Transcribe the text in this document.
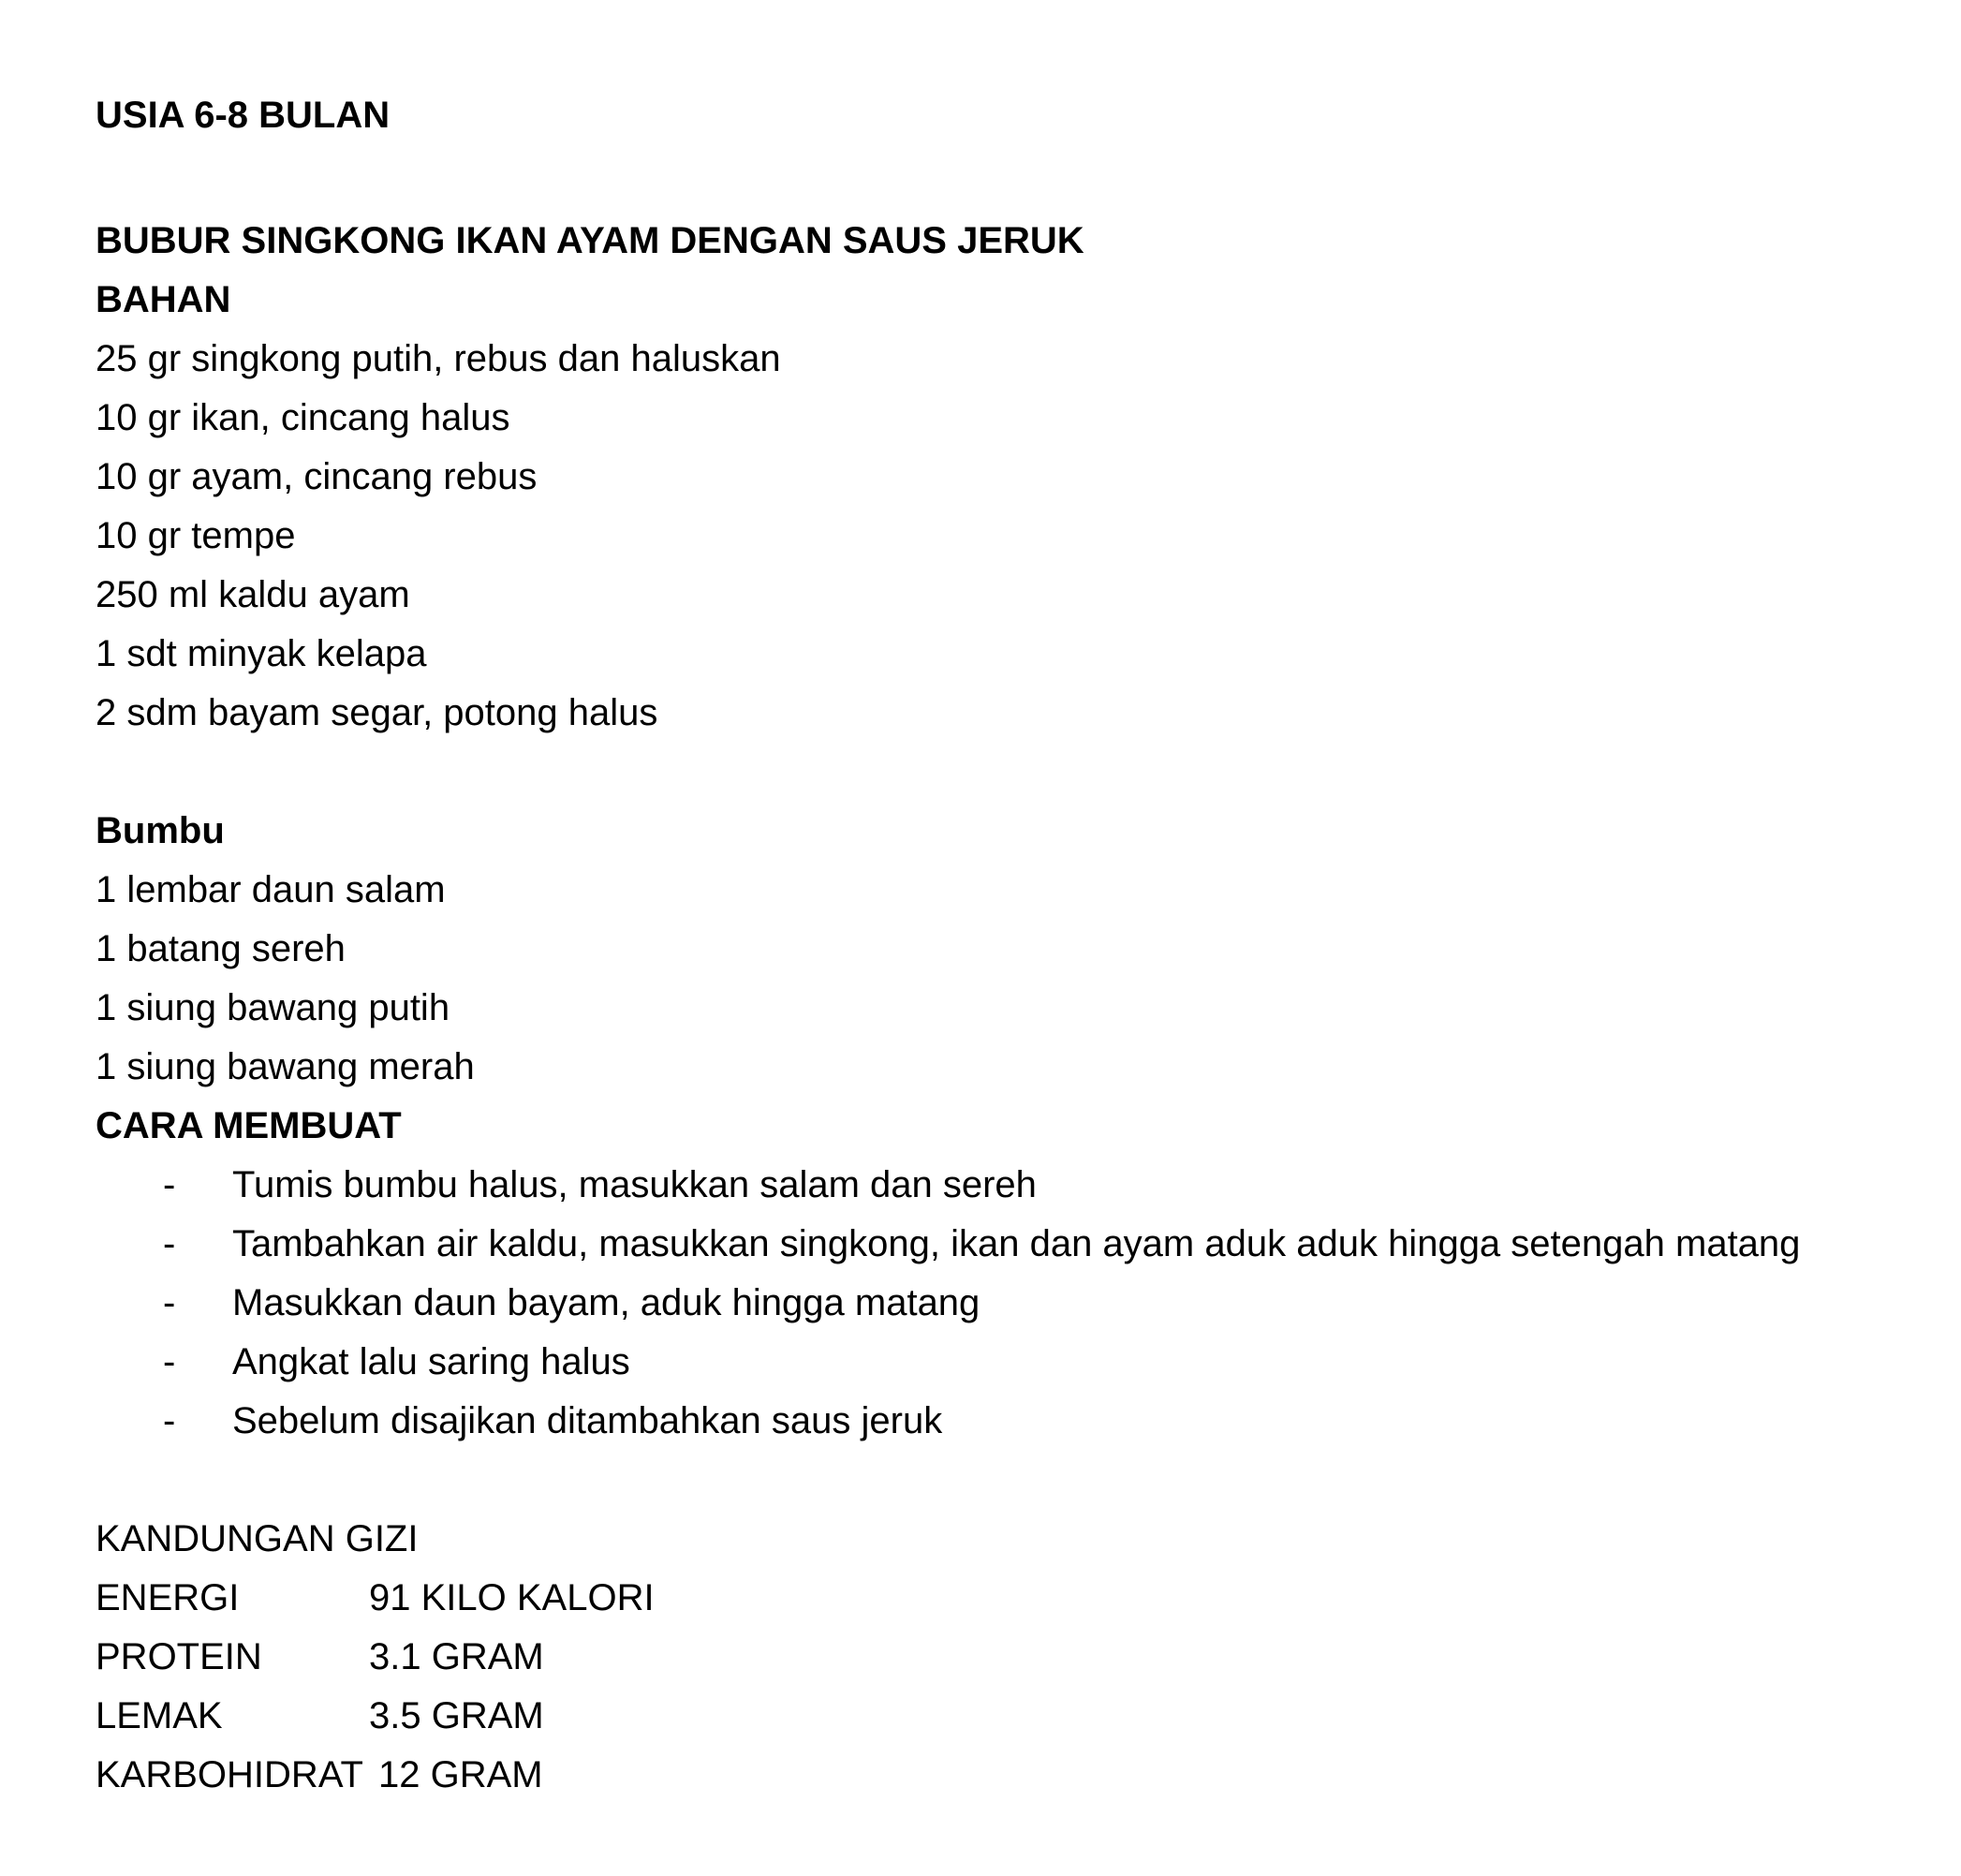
USIA 6-8 BULAN
BUBUR SINGKONG IKAN AYAM DENGAN SAUS JERUK
BAHAN
25 gr singkong putih, rebus dan haluskan
10 gr ikan, cincang halus
10 gr ayam, cincang rebus
10 gr tempe
250 ml kaldu ayam
1 sdt minyak kelapa
2 sdm bayam segar, potong halus
Bumbu
1 lembar daun salam
1 batang sereh
1 siung bawang putih
1 siung bawang merah
CARA MEMBUAT
- Tumis bumbu halus, masukkan salam dan sereh
- Tambahkan air kaldu, masukkan singkong, ikan dan ayam aduk aduk hingga setengah matang
- Masukkan daun bayam, aduk hingga matang
- Angkat lalu saring halus
- Sebelum disajikan ditambahkan saus jeruk
KANDUNGAN GIZI
ENERGI	91 KILO KALORI
PROTEIN	3.1 GRAM
LEMAK	3.5 GRAM
KARBOHIDRAT 12 GRAM
